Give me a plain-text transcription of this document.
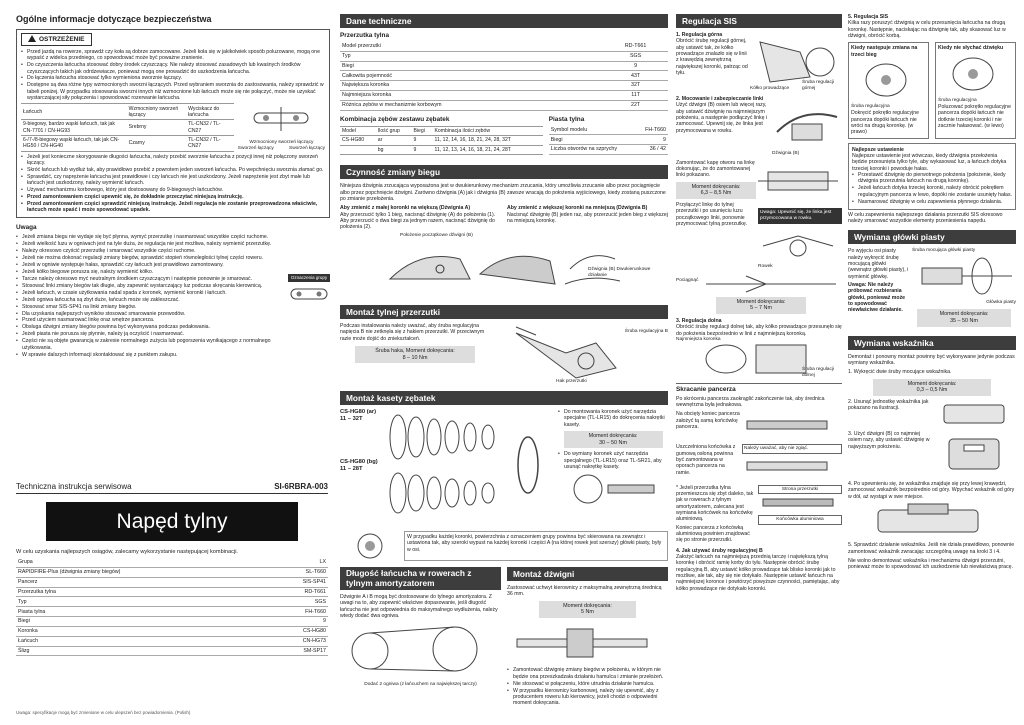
Ogólne informacje dotyczące bezpieczeństwa
OSTRZEŻENIE
• Przed jazdą na rowerze, sprawdź czy koła są dobrze zamocowane. Jeżeli koła się w jakikolwiek sposób poluzowane, mogą one wypaść z widelca przedniego, co spowodować może być poważne zranienie.
• Do czyszczenia łańcucha stosować dobry środek czyszczący. Nie należy stosować zasadowych lub kwaśnych środków czyszczących takich jak odrdzewiacze, ponieważ mogą one prowadzić do uszkodzenia łańcucha.
• Do łączenia łańcucha stosować tylko wymieniona sworznie łączący.
• Dostępne są dwa różne typy wzmocnionych sworzni łączących. Przed wybraniem sworznia do zastosowania, należy sprawdzić w tabeli poniżej. W przypadku stosowania sworzni innych niż wzmocnione lub łańcuch może się nie połączyć, może nie uzyskać wystarczającej siły połączenia i spowodować rozerwanie łańcucha.
Łańcuch	Wzmocniony sworzeń łączący	Wyciskacz do łańcucha
9-biegowy, bardzo wąski łańcuch, tak jak CN-7701 / CN-HG93	Srebrny	TL-CN32 / TL-CN27
6-/7-/8-biegowy wąski łańcuch, tak jak CN-HG50 / CN-HG40	Czarny	TL-CN32 / TL-CN27
Wzmocniony sworzeń łączący
Sworzeń łączący	Sworzeń łączący
• Jeżeli jest konieczne skorygowanie długości łańcucha, należy przebić sworznie łańcucha z pozycji innej niż połączony sworzeń łączący.
• Skróć łańcuch lub wydłuż tak, aby prawidłowo przebić z powrotem jeden sworzeń łańcucha. Po wepchnięciu sworznia złamać go.
• Sprawdzić, czy naprężenie łańcucha jest prawidłowe i czy łańcuch nie jest uszkodzony. Jeżeli naprężenie jest zbyt małe lub łańcuch jest uszkodzony, należy wymienić łańcuch.
• Używać mechanizmu korbowego, który jest dostosowany do 9-biegowych łańcuchów.
• Przed zamontowaniem części upewnić się, że dokładnie przeczytać niniejszą instrukcję.
• Przed zamontowaniem części sprawdzić niniejszą instrukcję. Jeżeli regulacja nie zostanie przeprowadzona właściwie, łańcuch może spaść i może spowodować upadek.
Uwaga
• Jeżeli zmiana biegu nie wydaje się być płynna, wymyć przerzutkę i nasmarować wszystkie części ruchome.
• Jeżeli wielkość luzu w ogniwach jest na tyle duża, że regulacja nie jest możliwa, należy wymienić przerzutkę.
• Należy okresowo czyścić przerzutkę i smarować wszystkie części ruchome.
• Jeżeli nie można dokonać regulacji zmiany biegów, sprawdzić stopień równoległości tylnej części roweru.
• Jeżeli w ogniwie występuje hałas, sprawdzić czy łańcuch jest prawidłowo zamontowany.
• Jeżeli kółko biegowe porusza się, należy wymienić kółko.
• Tarcze należy okresowo myć neutralnym środkiem czyszczącym i następnie ponownie je smarować.
• Stosować linki zmiany biegów tak długie, aby zapewnić wystarczający luz podczas skręcania kierownicą.
• Jeżeli łańcuch, w czasie użytkowania nadal spada z koronek, wymienić koronki i łańcuch.
• Jeżeli ogniwa łańcucha są zbyt duże, łańcuch może się zakleszczać.
• Stosować smar SIS-SP41 na linki zmiany biegów.
• Dla uzyskania najlepszych wyników stosować smarowanie przewodów.
• Przed użyciem nasmarować linkę oraz wnętrze pancerza.
• Obsługa dźwigni zmiany biegów powinna być wykonywana podczas pedałowania.
• Jeżeli piasta nie porusza się płynnie, należy ją oczyścić i nasmarować.
• Części nie są objęte gwarancją w zakresie normalnego zużycia lub pogorszenia wynikającego z normalnego użytkowania.
• W sprawie dalszych informacji skontaktować się z punktem zakupu.
Oznaczenia grupy
Techniczna instrukcja serwisowa	SI-6RBRA-003
Napęd tylny
W celu uzyskania najlepszych osiągów, zalecamy wykorzystanie następującej kombinacji.
Grupa	LX
RAPIDFIRE-Plus (dźwignia zmiany biegów)	SL-T660
Pancerz	SIS-SP41
Przerzutka tylna	RD-T661
Typ	SGS
Piasta tylna	FH-T660
Biegi	9
Koronka	CS-HG80
Łańcuch	CN-HG73
Ślizg	SM-SP17
Uwaga: specyfikacje mogą być zmieniane w celu ulepszeń bez powiadomienia. (Polish)
Dane techniczne
Przerzutka tylna
Model przerzutki	RD-T661
Typ	SGS
Biegi	9
Całkowita pojemność	43T
Największa koronka	32T
Najmniejsza koronka	11T
Różnica zębów w mechanizmie korbowym	22T
Kombinacja zębów zestawu zębatek
Model	Ilość grup	Biegi	Kombinacja ilości zębów
CS-HG80	ar	9	11, 12, 14, 16, 18, 21, 24, 28, 32T
	bg	9	11, 12, 13, 14, 16, 18, 21, 24, 28T
Piasta tylna
Symbol modelu	FH-T660
Biegi	9
Liczba otworów na szprychy	36 / 42
Czynność zmiany biegu
Niniejsza dźwignia zrzucająca wyposażona jest w dwukierunkowy mechanizm zrzucania, który umożliwia zrzucanie albo przez pociągnięcie albo przez popchnięcie dźwigni. Zarówno dźwignia (A) jak i dźwignia (B) zawsze wracają do położenia wyjściowego, kiedy zostaną puszczone po zmianie przełożenia.
Aby zmienić z małej koronki na większą (Dźwignia A)
Aby przerzucić tylko 1 bieg, nacisnąć dźwignię (A) do położenia (1). Aby przerzucić o dwa biegi za jednym razem, nacisnąć dźwignię do położenia (2).
Aby zmienić z większej koronki na mniejszą (Dźwignia B)
Nacisnąć dźwignię (B) jeden raz, aby przerzucić jeden bieg z większej na mniejszą koronkę.
Położenie początkowe dźwigni (B)
Dźwignia (B) Dwukierunkowe działanie
Montaż tylnej przerzutki
Podczas instalowania należy uważać, aby śruba regulacyjna napięcia B nie zetknęła się z hakiem przerzutki. W przeciwnym razie może dojść do zniekształceń.
Śruba haka, Moment dokręcania:
8 – 10 Nm
Śruba regulacyjna B
Hak przerzutki
Montaż kasety zębatek
CS-HG80 (ar) 11 – 32T
CS-HG80 (bg) 11 – 28T
• Do montowania koronek użyć narzędzia specjalne (TL-LR15) do dokręcenia nakrętki kasety.
Moment dokręcania:
30 – 50 Nm
• Do wymiany koronek użyć narzędzia specjalnego (TL-LR15) oraz TL-SR21, aby usunąć nakrętkę kasety.
W przypadku każdej koronki, powierzchnia z oznaczeniem grupy powinna być skierowana na zewnątrz i ustawiona tak, aby szeroki wypust na każdej koronki i części A (na której rowek jest szerszy) główki piasty, były w osi.
Długość łańcucha w rowerach z tylnym amortyzatorem
Dźwignie A i B mogą być dostosowane do tylnego amortyzatora. Z uwagi na to, aby zapewnić właściwe dopasowanie, jeśli długość łańcucha nie jest odpowiednia do maksymalnego wydłużenia, należy wtedy dodać dwa ogniwa.
Dodać 2 ogniwa (z łańcuchem na największej tarczy)
Montaż dźwigni
Zastosować uchwyt kierownicy z maksymalną zewnętrzną średnicą 36 mm.
Moment dokręcania:
5 Nm
• Zamontować dźwignię zmiany biegów w położeniu, w którym nie będzie ona przeszkadzała działaniu hamulca i zmianie przełożeń.
• Nie stosować w połączeniu, które utrudnia działanie hamulca.
• W przypadku kierownicy karbonowej, należy się upewnić, aby z producentem roweru lub kierownicy, jeżeli chodzi o odpowiedni moment dokręcania.
Regulacja SIS
1. Regulacja górna
Obrócić śrubę regulacji górnej, aby ustawić tak, że kółko prowadzące znalazło się w linii z krawędzią zewnętrzną największej koronki, patrząc od tyłu.
Kółko prowadzące
Śruba regulacji górnej
2. Mocowanie i zabezpieczanie linki
Użyć dźwigni (B) osiem lub więcej razy, aby ustawić dźwignię na najmniejszym położeniu, a następnie podłączyć linkę i zamocować. Upewnij się, że linka jest przymocowana w rowku.
Dźwignia (B)
Zamontować kapę otworu na linkę dokonując, że do zamontowanej linki pokazano.
Moment dokręcania:
6,3 – 8,5 Nm
Przyłączyć linkę do tylnej przerzutki i po usunięciu luzu początkowego linki, ponownie przymocować tylną przerzutkę.
Uwaga: Upewnić się, że linka jest przymocowana w rowku.
Rowek
Pociągnąć
Moment dokręcania:
5 – 7 Nm
3. Regulacja dolna
Obrócić śrubę regulacji dolnej tak, aby kółko prowadzące przesunęło się do położenia bezpośrednio w linii z najmniejszą koronką.
Najmniejsza koronka
Śruba regulacji dolnej
Skracanie pancerza
Po skróceniu pancerza zaokrąglić zakończenie tak, aby średnica wewnętrzna była jednakowa.
Na obcięty koniec pancerza założyć tą samą końcówkę pancerza.
Uszczelniona końcówka z gumową osłoną powinna być zamontowana w oporach pancerza na ramie.
Należy uważać, aby nie zgiąć.
* Jeżeli przerzutka tylna przemieszcza się zbyt daleko, tak jak w rowerach z tylnym amortyzatorem, zalecana jest wymiana końcówek na końcówkę aluminiową.
Koniec pancerza z końcówką aluminiową powinien znajdować się po stronie przerzutki.
Strona przerzutki
Końcówka aluminiowa
4. Jak używać śruby regulacyjnej B
Założyć łańcuch na najmniejszą przednią tarczę i największą tylną koronkę i obrócić ramię korby do tyłu. Następnie obrócić śrubę regulacyjną B, aby ustawić kółko prowadzące tak blisko koronki jak to możliwe, ale tak, aby się nie dotykało. Następnie ustawić łańcuch na najmniejszej koronce i powtórzyć powyższe czynności, pamiętając, aby kółko prowadzące nie dotykało koronki.
5. Regulacja SIS
Kilka razy poruszyć dźwignią w celu przesunięcia łańcucha na drugą koronkę. Następnie, naciskając na dźwignię tak, aby skasować luz w dźwigni, obrócić korbą.
Kiedy następuje zmiana na trzeci bieg
Śruba regulacyjna
Dokręcić pokrętło regulacyjne pancerza dopóki łańcuch nie wróci na drugą koronkę. (w prawo)
Kiedy nie słychać dźwięku
Śruba regulacyjna
Poluzować pokrętło regulacyjne pancerza dopóki łańcuch nie dotknie trzeciej koronki i nie zacznie hałasować. (w lewo)
Najlepsze ustawienie
Najlepsze ustawienie jest wówczas, kiedy dźwignia przełożenia będzie przesunięta tylko tyle, aby wykasować luz, a łańcuch dotyka trzeciej koronki i powoduje hałas.
• Przestawić dźwignię do pierwotnego położenia (położenie, kiedy dźwignia przerzutnia łańcuch na drugą koronkę).
• Jeżeli łańcuch dotyka trzeciej koronki, należy obrócić pokrętłem regulacyjnym pancerza w lewo, dopóki nie zostanie usunięty hałas.
• Nasmarować dźwignię w celu zapewnienia płynnego działania.
W celu zapewnienia najlepszego działania przerzutki SIS okresowo należy smarować wszystkie elementy przeniesienia napędu.
Wymiana główki piasty
Po wyjęciu osi piasty należy wykręcić śrubę mocującą główki (wewnątrz główki piasty), i wymienić główkę.
Uwaga: Nie należy próbować rozbierania główki, ponieważ może to spowodować niewłaściwe działanie.
Śruba mocująca główki piasty
Główka piasty
Moment dokręcania:
35 – 50 Nm
Wymiana wskaźnika
Demontaż i ponowny montaż powinny być wykonywane jedynie podczas wymiany wskaźnika.
1. Wykręcić dwie śruby mocujące wskaźnika.
Moment dokręcania:
0,3 – 0,5 Nm
2. Usunąć jednostkę wskaźnika jak pokazano na ilustracji.
3. Użyć dźwigni (B) co najmniej osiem razy, aby ustawić dźwignię w najwyższym położeniu.
4. Po upewnieniu się, że wskaźnika znajduje się przy lewej krawędzi, zamocować wskaźnik bezpośrednio od góry. Wpychać wskaźnik od góry w dół, aż wystąpi w swe miejsce.
5. Sprawdzić działanie wskaźnika. Jeśli nie działa prawidłowo, ponownie zamontować wskaźnik zwracając szczególną uwagę na kroki 3 i 4.
Nie wolno demontować wskaźnika i mechanizmu dźwigni przerzutni, ponieważ może to spowodować ich uszkodzenie lub niewłaściwą pracę.
